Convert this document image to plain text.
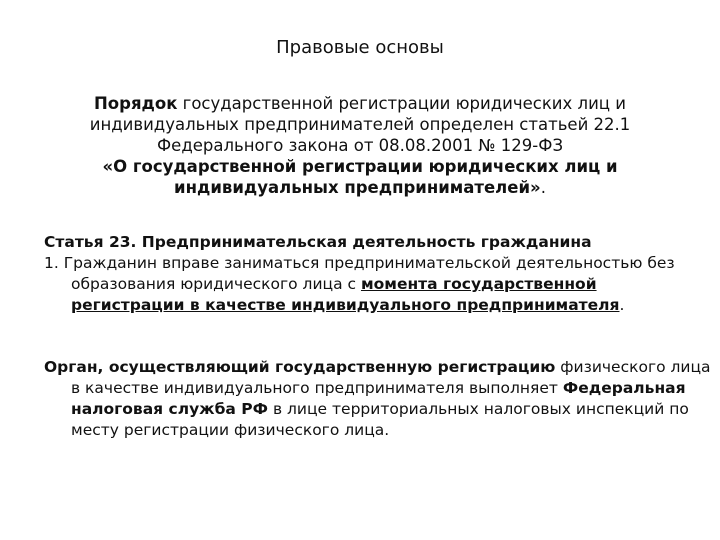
Правовые основы
Порядок государственной регистрации юридических лиц и
индивидуальных предпринимателей определен статьей 22.1
Федерального закона от 08.08.2001 № 129-ФЗ
«О государственной регистрации юридических лиц и
индивидуальных предпринимателей».
Статья 23. Предпринимательская деятельность гражданина
1. Гражданин вправе заниматься предпринимательской деятельностью без образования юридического лица с момента государственной регистрации в качестве индивидуального предпринимателя.
Орган, осуществляющий государственную регистрацию физического лица в качестве индивидуального предпринимателя выполняет Федеральная налоговая служба РФ в лице территориальных налоговых инспекций по месту регистрации физического лица.
